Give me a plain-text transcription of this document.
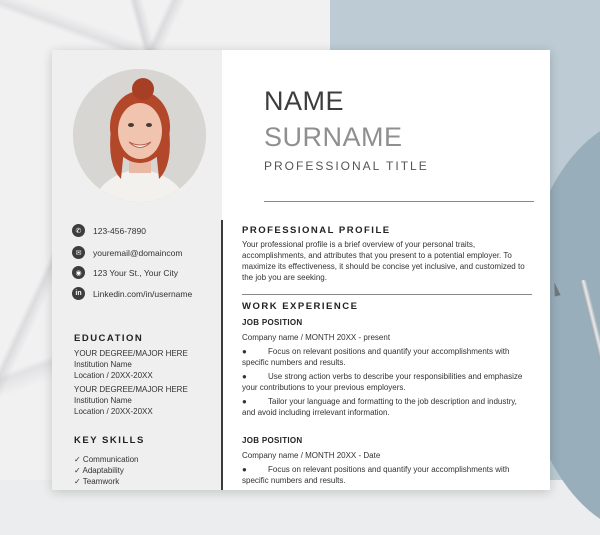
NAME
SURNAME
PROFESSIONAL TITLE
✆	123-456-7890
✉	youremail@domaincom
◉	123 Your St., Your City
in	Linkedin.com/in/username
EDUCATION
YOUR DEGREE/MAJOR HERE
Institution Name
Location / 20XX-20XX
YOUR DEGREE/MAJOR HERE
Institution Name
Location / 20XX-20XX
KEY SKILLS
✓ Communication
✓ Adaptability
✓ Teamwork
PROFESSIONAL PROFILE
Your professional profile is a brief overview of your personal traits, accomplishments, and attributes that you present to a potential employer. To maximize its effectiveness, it should be concise yet inclusive, and customized to the job you are seeking.
WORK EXPERIENCE
JOB POSITION
Company name / MONTH 20XX - present
●	Focus on relevant positions and quantify your accomplishments with specific numbers and results.
●	Use strong action verbs to describe your responsibilities and emphasize your contributions to your previous employers.
●	Tailor your language and formatting to the job description and industry, and avoid including irrelevant information.
JOB POSITION
Company name / MONTH 20XX - Date
●	Focus on relevant positions and quantify your accomplishments with specific numbers and results.
